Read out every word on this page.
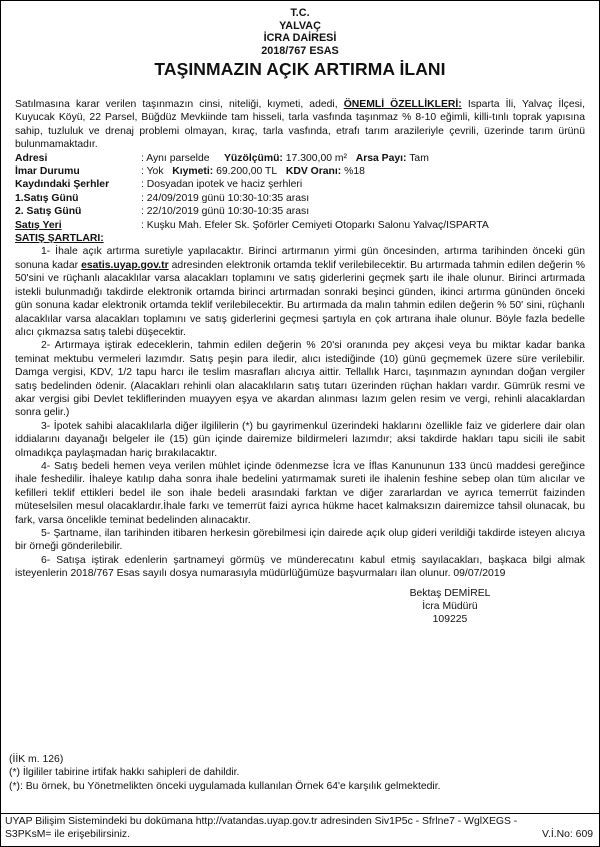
T.C.
YALVAÇ
İCRA DAİRESİ
2018/767 ESAS
TAŞINMAZIN AÇIK ARTIRMA İLANI

Satılmasına karar verilen taşınmazın cinsi, niteliği, kıymeti, adedi, ÖNEMLİ ÖZELLİKLERİ: Isparta İli, Yalvaç İlçesi, Kuyucak Köyü, 22 Parsel, Büğdüz Mevkiinde tam hisseli, tarla vasfında taşınmaz % 8-10 eğimli, killi-tınlı toprak yapısına sahip, tuzluluk ve drenaj problemi olmayan, kıraç, tarla vasfında, etrafı tarım arazileriyle çevrili, üzerinde tarım ürünü bulunmamaktadır.

Adresi	: Aynı parselde Yüzölçümü: 17.300,00 m² Arsa Payı: Tam
İmar Durumu	: Yok Kıymeti: 69.200,00 TL KDV Oranı: %18
Kaydındaki Şerhler	: Dosyadan ipotek ve haciz şerhleri
1.Satış Günü	: 24/09/2019 günü 10:30-10:35 arası
2. Satış Günü	: 22/10/2019 günü 10:30-10:35 arası
Satış Yeri	: Kuşku Mah. Efeler Sk. Şoförler Cemiyeti Otoparkı Salonu Yalvaç/ISPARTA
SATIŞ ŞARTLARI:

1- İhale açık artırma suretiyle yapılacaktır. Birinci artırmanın yirmi gün öncesinden, artırma tarihinden önceki gün sonuna kadar esatis.uyap.gov.tr adresinden elektronik ortamda teklif verilebilecektir. Bu artırmada tahmin edilen değerin % 50'sini ve rüçhanlı alacaklılar varsa alacakları toplamını ve satış giderlerini geçmek şartı ile ihale olunur. Birinci artırmada istekli bulunmadığı takdirde elektronik ortamda birinci artırmadan sonraki beşinci günden, ikinci artırma gününden önceki gün sonuna kadar elektronik ortamda teklif verilebilecektir. Bu artırmada da malın tahmin edilen değerin % 50' sini, rüçhanlı alacaklılar varsa alacakları toplamını ve satış giderlerini geçmesi şartıyla en çok artırana ihale olunur. Böyle fazla bedelle alıcı çıkmazsa satış talebi düşecektir.

2- Artırmaya iştirak edeceklerin, tahmin edilen değerin % 20'si oranında pey akçesi veya bu miktar kadar banka teminat mektubu vermeleri lazımdır. Satış peşin para iledir, alıcı istediğinde (10) günü geçmemek üzere süre verilebilir. Damga vergisi, KDV, 1/2 tapu harcı ile teslim masrafları alıcıya aittir. Tellallık Harcı, taşınmazın aynından doğan vergiler satış bedelinden ödenir. (Alacakları rehinli olan alacaklıların satış tutarı üzerinden rüçhan hakları vardır. Gümrük resmi ve akar vergisi gibi Devlet tekliflerinden muayyen eşya ve akardan alınması lazım gelen resim ve vergi, rehinli alacaklardan sonra gelir.)

3- İpotek sahibi alacaklılarla diğer ilgililerin (*) bu gayrimenkul üzerindeki haklarını özellikle faiz ve giderlere dair olan iddialarını dayanağı belgeler ile (15) gün içinde dairemize bildirmeleri lazımdır; aksi takdirde hakları tapu sicili ile sabit olmadıkça paylaşmadan hariç bırakılacaktır.

4- Satış bedeli hemen veya verilen mühlet içinde ödenmezse İcra ve İflas Kanununun 133 üncü maddesi gereğince ihale feshedilir. İhaleye katılıp daha sonra ihale bedelini yatırmamak sureti ile ihalenin feshine sebep olan tüm alıcılar ve kefilleri teklif ettikleri bedel ile son ihale bedeli arasındaki farktan ve diğer zararlardan ve ayrıca temerrüt faizinden müteselsilen mesul olacaklardır.İhale farkı ve temerrüt faizi ayrıca hükme hacet kalmaksızın dairemizce tahsil olunacak, bu fark, varsa öncelikle teminat bedelinden alınacaktır.

5- Şartname, ilan tarihinden itibaren herkesin görebilmesi için dairede açık olup gideri verildiği takdirde isteyen alıcıya bir örneği gönderilebilir.

6- Satışa iştirak edenlerin şartnameyi görmüş ve münderecatını kabul etmiş sayılacakları, başkaca bilgi almak isteyenlerin 2018/767 Esas sayılı dosya numarasıyla müdürlüğümüze başvurmaları ilan olunur. 09/07/2019

Bektaş DEMİREL
İcra Müdürü
109225
(İİK m. 126)
(*) İlgililer tabirine irtifak hakkı sahipleri de dahildir.
(*): Bu örnek, bu Yönetmelikten önceki uygulamada kullanılan Örnek 64'e karşılık gelmektedir.
UYAP Bilişim Sistemindeki bu dokümana http://vatandas.uyap.gov.tr adresinden Siv1P5c - Sfrlne7 - WglXEGS - S3PKsM= ile erişebilirsiniz.	V.İ.No: 609
